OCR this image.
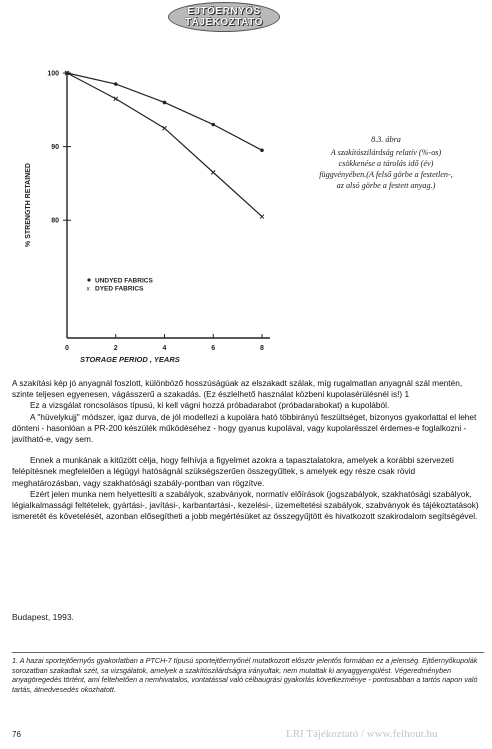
EJTŐERNYŐS
TÁJÉKOZTATÓ
80
90
100
0	2	4	6	8
% STRENGTH RETAINED
STORAGE PERIOD , YEARS
UNDYED FABRICS
x DYED FABRICS
8.3. ábra
A szakítószilárdság relatív (%-os) csökkenése a tárolás idő (év) függvényében.(A felső görbe a festetlen-, az alsó görbe a festett anyag.)

A szakítási kép jó anyagnál foszlott, különböző hosszúságúak az elszakadt szálak, míg rugalmatlan anyagnál szál mentén, szinte teljesen egyenesen, vágásszerű a szakadás. (Ez észlelhető használat közbeni kupolasérülésnél is!) 1

Ez a vizsgálat roncsolásos típusú, ki kell vágni hozzá próbadarabot (próbadarabokat) a kupolából.

A "hüvelykujj" módszer, igaz durva, de jól modellezi a kupolára ható többirányú feszültséget, bizonyos gyakorlattal el lehet dönteni - hasonlóan a PR-200 készülék működéséhez - hogy gyanus kupolával, vagy kupolarésszel érdemes-e foglalkozni - javítható-e, vagy sem.

Ennek a munkának a kitűzött célja, hogy felhívja a figyelmet azokra a tapasztalatokra, amelyek a korábbi szervezeti felépítésnek megfelelően a légügyi hatóságnál szükségszerűen összegyűltek, s amelyek egy része csak rövid meghatározásban, vagy szakhatósági szabály-pontban van rögzítve.

Ezért jelen munka nem helyettesíti a szabályok, szabványok, normatív előírások (jogszabályok, szakhatósági szabályok, légialkalmassági feltételek, gyártási-, javítási-, karbantartási-, kezelési-, üzemeltetési szabályok, szabványok és tájékoztatások) ismeretét és követelését, azonban elősegítheti a jobb megértésüket az összegyűjtött és hivatkozott szakirodalom segítségével.

Budapest, 1993.
1. A hazai sportejtőernyős gyakorlatban a PTCH-7 típusú sportejtőernyőnél mutatkozott először jelentős formában ez a jelenség. Ejtőernyőkupolák sorozatban szakadtak szét, sa vizsgálatok, amelyek a szakítószilárdságra irányultak, nem mutattak ki anyaggyengülést. Végeredményben anyagöregedés történt, ami feltehetően a nemhivatalos, vontatással való célbaugrási gyakorlás következménye - pontosabban a tartós napon való tartás, átnedvesedés okozhatott.
76	LRI Tájékoztató / www.felhout.hu
